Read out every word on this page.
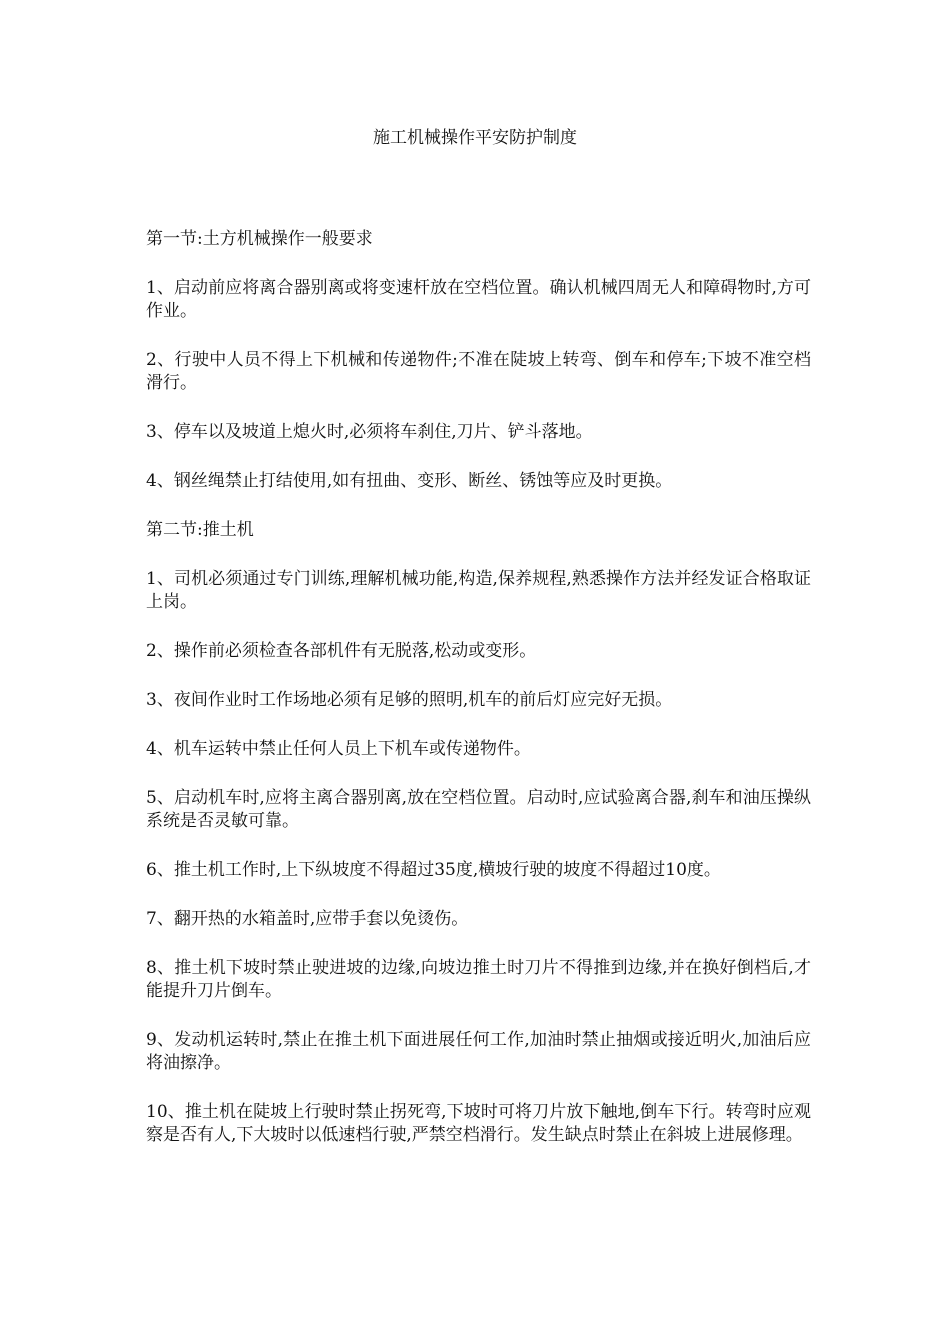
施工机械操作平安防护制度

第一节:土方机械操作一般要求

1、启动前应将离合器别离或将变速杆放在空档位置。确认机械四周无人和障碍物时,方可作业。

2、行驶中人员不得上下机械和传递物件;不准在陡坡上转弯、倒车和停车;下坡不准空档滑行。

3、停车以及坡道上熄火时,必须将车刹住,刀片、铲斗落地。

4、钢丝绳禁止打结使用,如有扭曲、变形、断丝、锈蚀等应及时更换。

第二节:推土机

1、司机必须通过专门训练,理解机械功能,构造,保养规程,熟悉操作方法并经发证合格取证上岗。

2、操作前必须检查各部机件有无脱落,松动或变形。

3、夜间作业时工作场地必须有足够的照明,机车的前后灯应完好无损。

4、机车运转中禁止任何人员上下机车或传递物件。

5、启动机车时,应将主离合器别离,放在空档位置。启动时,应试验离合器,刹车和油压操纵系统是否灵敏可靠。

6、推土机工作时,上下纵坡度不得超过35度,横坡行驶的坡度不得超过10度。

7、翻开热的水箱盖时,应带手套以免烫伤。

8、推土机下坡时禁止驶进坡的边缘,向坡边推土时刀片不得推到边缘,并在换好倒档后,才能提升刀片倒车。

9、发动机运转时,禁止在推土机下面进展任何工作,加油时禁止抽烟或接近明火,加油后应将油擦净。

10、推土机在陡坡上行驶时禁止拐死弯,下坡时可将刀片放下触地,倒车下行。转弯时应观察是否有人,下大坡时以低速档行驶,严禁空档滑行。发生缺点时禁止在斜坡上进展修理。
